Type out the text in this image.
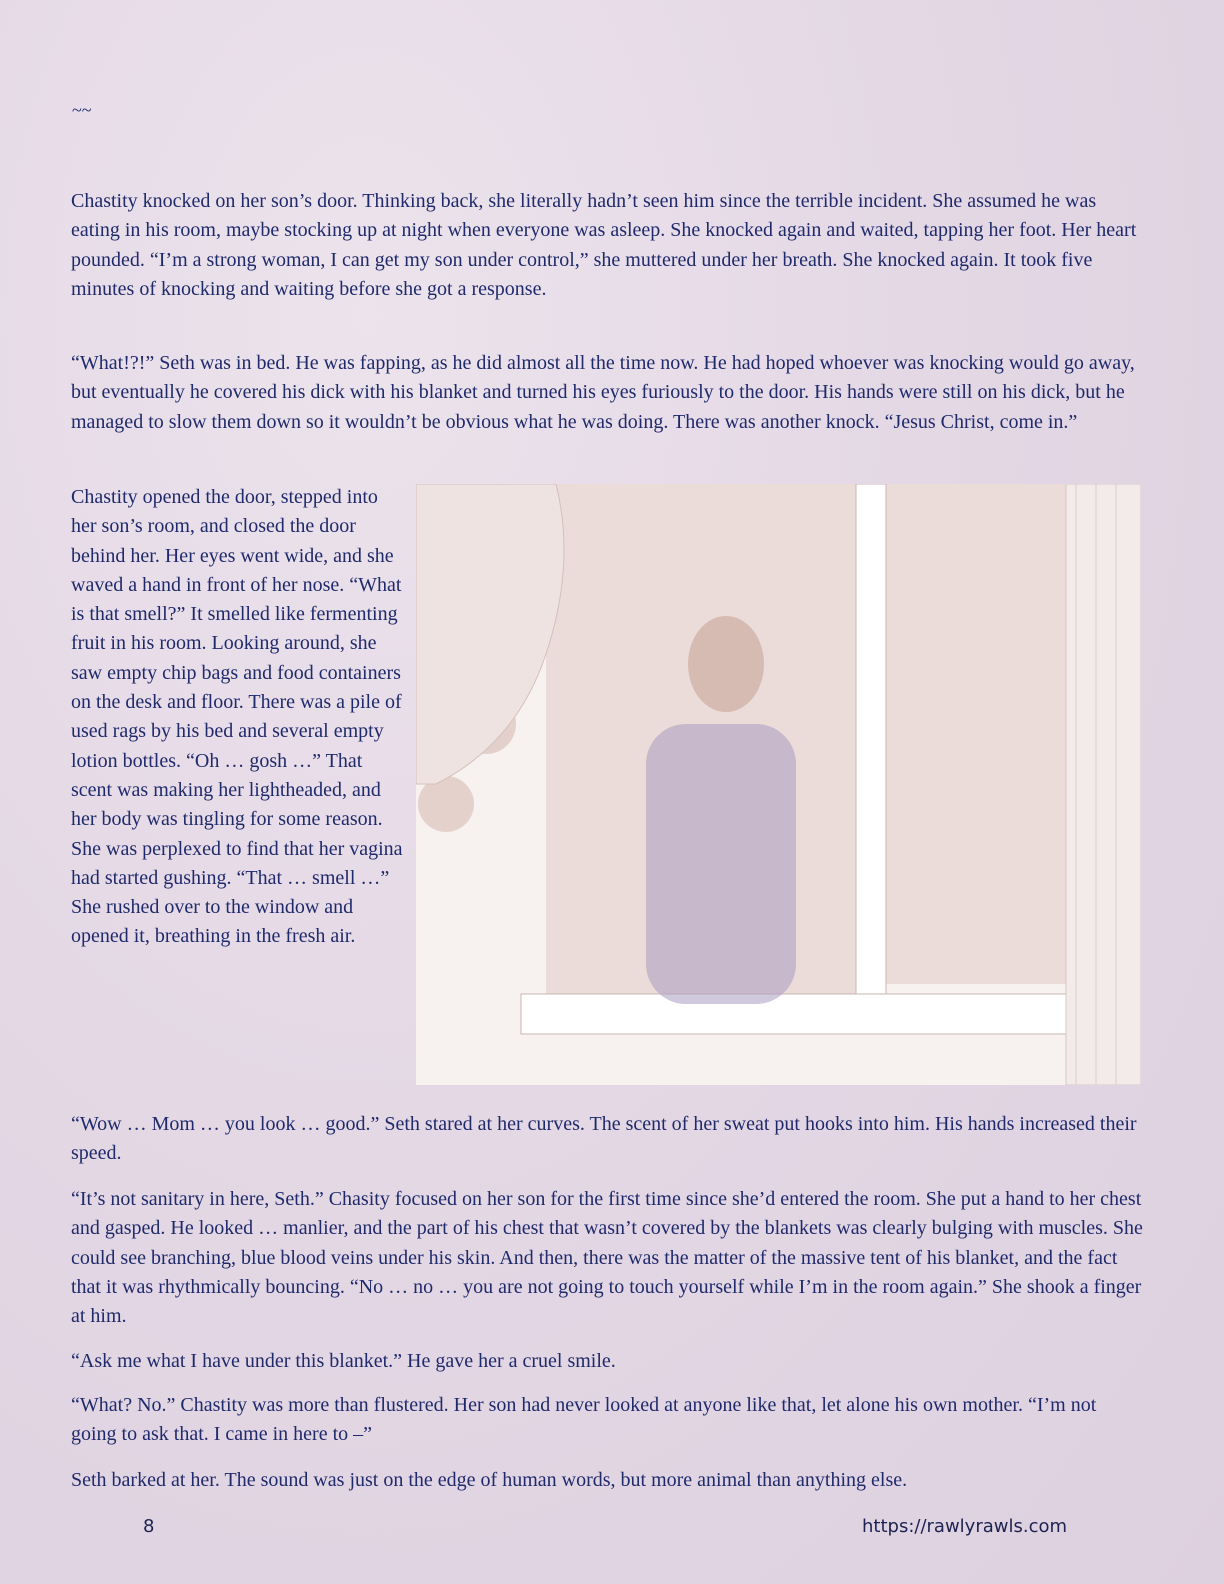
~~

Chastity knocked on her son’s door. Thinking back, she literally hadn’t seen him since the terrible incident. She assumed he was eating in his room, maybe stocking up at night when everyone was asleep. She knocked again and waited, tapping her foot. Her heart pounded. “I’m a strong woman, I can get my son under control,” she muttered under her breath. She knocked again. It took five minutes of knocking and waiting before she got a response.

“What!?!” Seth was in bed. He was fapping, as he did almost all the time now. He had hoped whoever was knocking would go away, but eventually he covered his dick with his blanket and turned his eyes furiously to the door. His hands were still on his dick, but he managed to slow them down so it wouldn’t be obvious what he was doing. There was another knock. “Jesus Christ, come in.”

Chastity opened the door, stepped into her son’s room, and closed the door behind her. Her eyes went wide, and she waved a hand in front of her nose. “What is that smell?” It smelled like fermenting fruit in his room. Looking around, she saw empty chip bags and food containers on the desk and floor. There was a pile of used rags by his bed and several empty lotion bottles. “Oh … gosh …” That scent was making her lightheaded, and her body was tingling for some reason. She was perplexed to find that her vagina had started gushing. “That … smell …” She rushed over to the window and opened it, breathing in the fresh air.

“Wow … Mom … you look … good.” Seth stared at her curves. The scent of her sweat put hooks into him. His hands increased their speed.

“It’s not sanitary in here, Seth.” Chasity focused on her son for the first time since she’d entered the room. She put a hand to her chest and gasped. He looked … manlier, and the part of his chest that wasn’t covered by the blankets was clearly bulging with muscles. She could see branching, blue blood veins under his skin. And then, there was the matter of the massive tent of his blanket, and the fact that it was rhythmically bouncing. “No … no … you are not going to touch yourself while I’m in the room again.” She shook a finger at him.

“Ask me what I have under this blanket.” He gave her a cruel smile.

“What? No.” Chastity was more than flustered. Her son had never looked at anyone like that, let alone his own mother. “I’m not going to ask that. I came in here to –”

Seth barked at her. The sound was just on the edge of human words, but more animal than anything else.

8	https://rawlyrawls.com
